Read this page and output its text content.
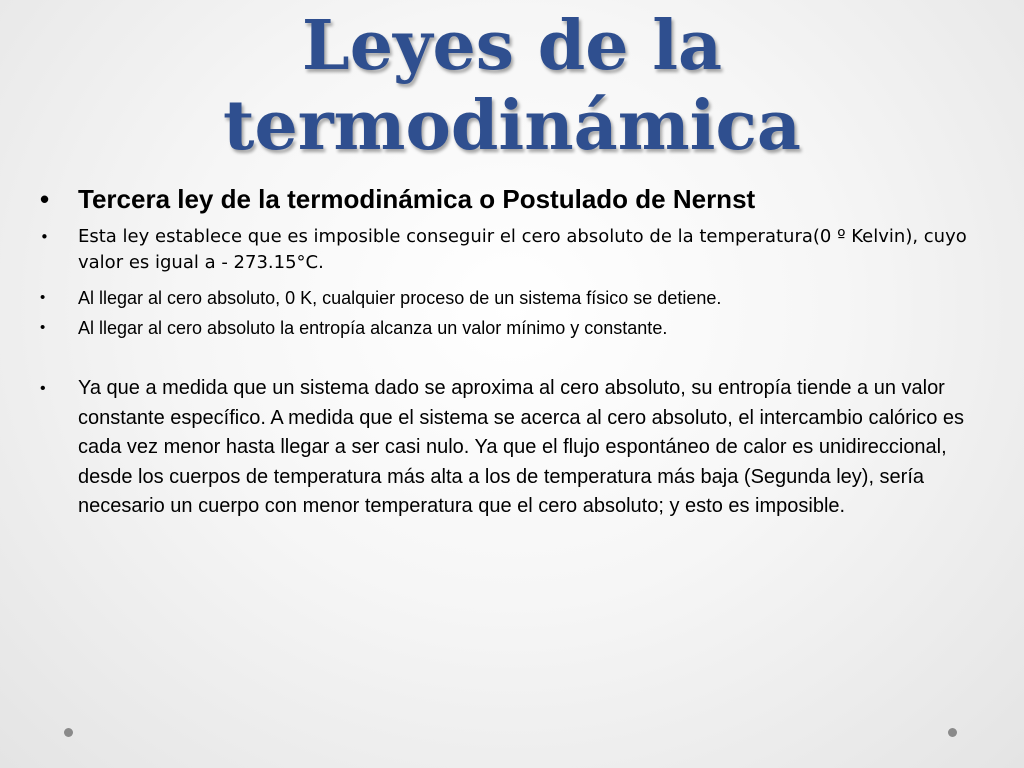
Leyes de la
termodinámica
• Tercera ley de la termodinámica o Postulado de Nernst
• Esta ley establece que es imposible conseguir el cero absoluto de la temperatura(0 º Kelvin), cuyo valor es igual a - 273.15°C.
• Al llegar al cero absoluto, 0 K, cualquier proceso de un sistema físico se detiene.
• Al llegar al cero absoluto la entropía alcanza un valor mínimo y constante.
• Ya que a medida que un sistema dado se aproxima al cero absoluto, su entropía tiende a un valor constante específico. A medida que el sistema se acerca al cero absoluto, el intercambio calórico es cada vez menor hasta llegar a ser casi nulo. Ya que el flujo espontáneo de calor es unidireccional, desde los cuerpos de temperatura más alta a los de temperatura más baja (Segunda ley), sería necesario un cuerpo con menor temperatura que el cero absoluto; y esto es imposible.
